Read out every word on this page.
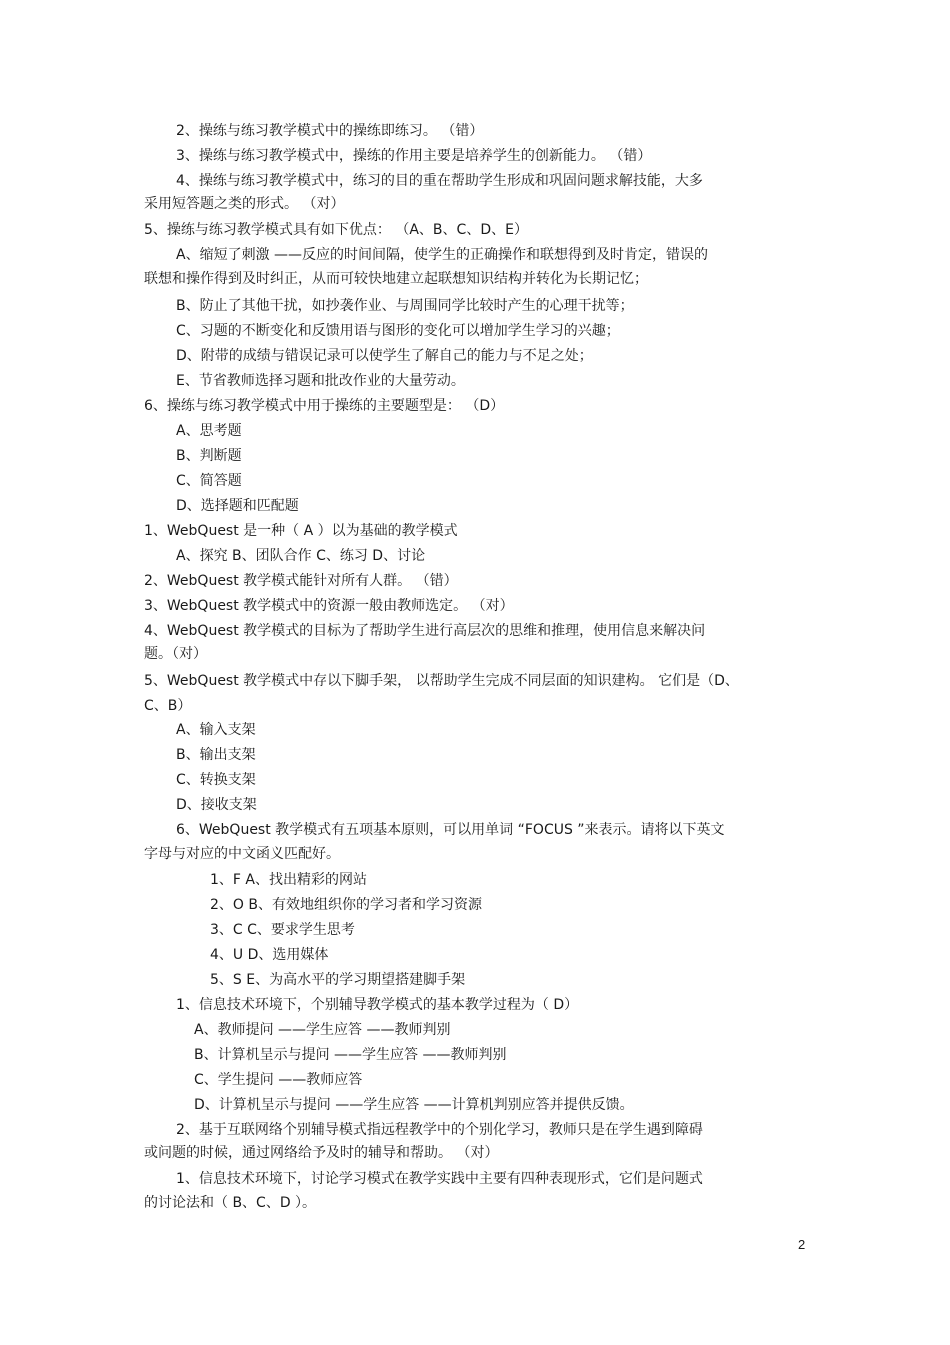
2、操练与练习教学模式中的操练即练习。 （错）
3、操练与练习教学模式中，操练的作用主要是培养学生的创新能力。 （错）
4、操练与练习教学模式中，练习的目的重在帮助学生形成和巩固问题求解技能，大多
采用短答题之类的形式。 （对）
5、操练与练习教学模式具有如下优点： （A、B、C、D、E）
A、缩短了刺激 ——反应的时间间隔，使学生的正确操作和联想得到及时肯定，错误的
联想和操作得到及时纠正，从而可较快地建立起联想知识结构并转化为长期记忆；
B、防止了其他干扰，如抄袭作业、与周围同学比较时产生的心理干扰等；
C、习题的不断变化和反馈用语与图形的变化可以增加学生学习的兴趣；
D、附带的成绩与错误记录可以使学生了解自己的能力与不足之处；
E、节省教师选择习题和批改作业的大量劳动。
6、操练与练习教学模式中用于操练的主要题型是： （D）
A、思考题
B、判断题
C、简答题
D、选择题和匹配题
1、WebQuest 是一种（ A ）以为基础的教学模式
A、探究 B、团队合作 C、练习 D、讨论
2、WebQuest 教学模式能针对所有人群。 （错）
3、WebQuest 教学模式中的资源一般由教师选定。 （对）
4、WebQuest 教学模式的目标为了帮助学生进行高层次的思维和推理，使用信息来解决问
题。（对）
5、WebQuest 教学模式中存以下脚手架， 以帮助学生完成不同层面的知识建构。 它们是（D、
C、B）
A、输入支架
B、输出支架
C、转换支架
D、接收支架
6、WebQuest 教学模式有五项基本原则，可以用单词 “FOCUS ”来表示。请将以下英文
字母与对应的中文函义匹配好。
1、F A、找出精彩的网站
2、O B、有效地组织你的学习者和学习资源
3、C C、要求学生思考
4、U D、选用媒体
5、S E、为高水平的学习期望搭建脚手架
1、信息技术环境下，个别辅导教学模式的基本教学过程为（ D）
A、教师提问 ——学生应答 ——教师判别
B、计算机呈示与提问 ——学生应答 ——教师判别
C、学生提问 ——教师应答
D、计算机呈示与提问 ——学生应答 ——计算机判别应答并提供反馈。
2、基于互联网络个别辅导模式指远程教学中的个别化学习，教师只是在学生遇到障碍
或问题的时候，通过网络给予及时的辅导和帮助。 （对）
1、信息技术环境下，讨论学习模式在教学实践中主要有四种表现形式，它们是问题式
的讨论法和（ B、C、D ）。
2
